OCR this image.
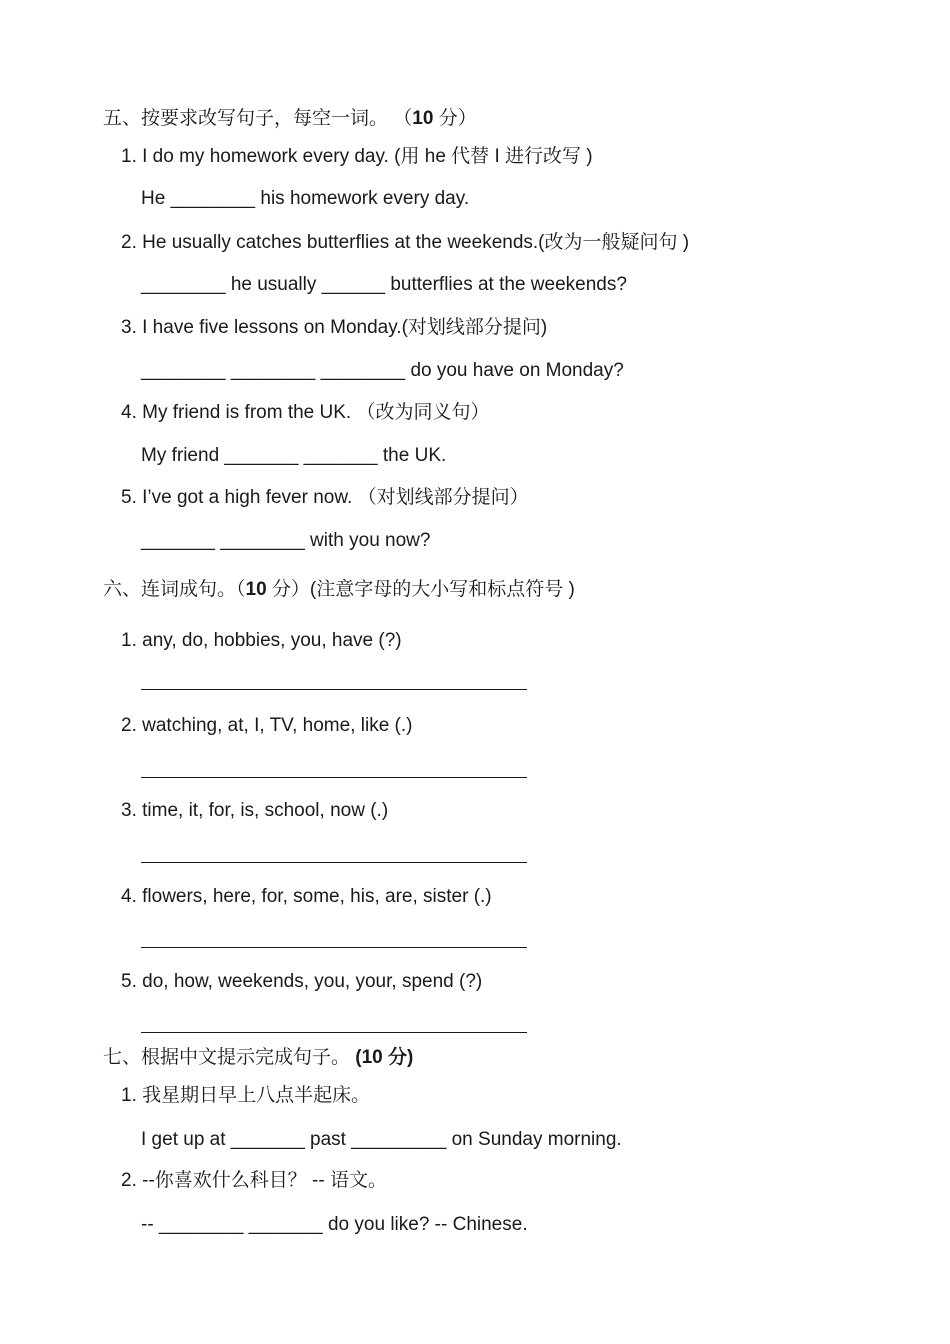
五、按要求改写句子，每空一词。 （10 分）
1. I do my homework every day. (用 he 代替 I 进行改写 )
He ________ his homework every day.
2. He usually catches butterflies at the weekends.(改为一般疑问句 )
________ he usually ______ butterflies at the weekends?
3. I have five lessons on Monday.(对划线部分提问)
________ ________ ________ do you have on Monday?
4. My friend is from the UK. （改为同义句）
My friend _______ _______ the UK.
5. I’ve got a high fever now. （对划线部分提问）
_______ ________ with you now?
六、连词成句。（10 分）(注意字母的大小写和标点符号 )
1. any, do, hobbies, you, have (?)
2. watching, at, I, TV, home, like (.)
3. time, it, for, is, school, now (.)
4. flowers, here, for, some, his, are, sister (.)
5. do, how, weekends, you, your, spend (?)
七、根据中文提示完成句子。 (10 分)
1. 我星期日早上八点半起床。
I get up at _______ past _________ on Sunday morning.
2. --你喜欢什么科目？ -- 语文。
-- ________ _______ do you like? -- Chinese.
